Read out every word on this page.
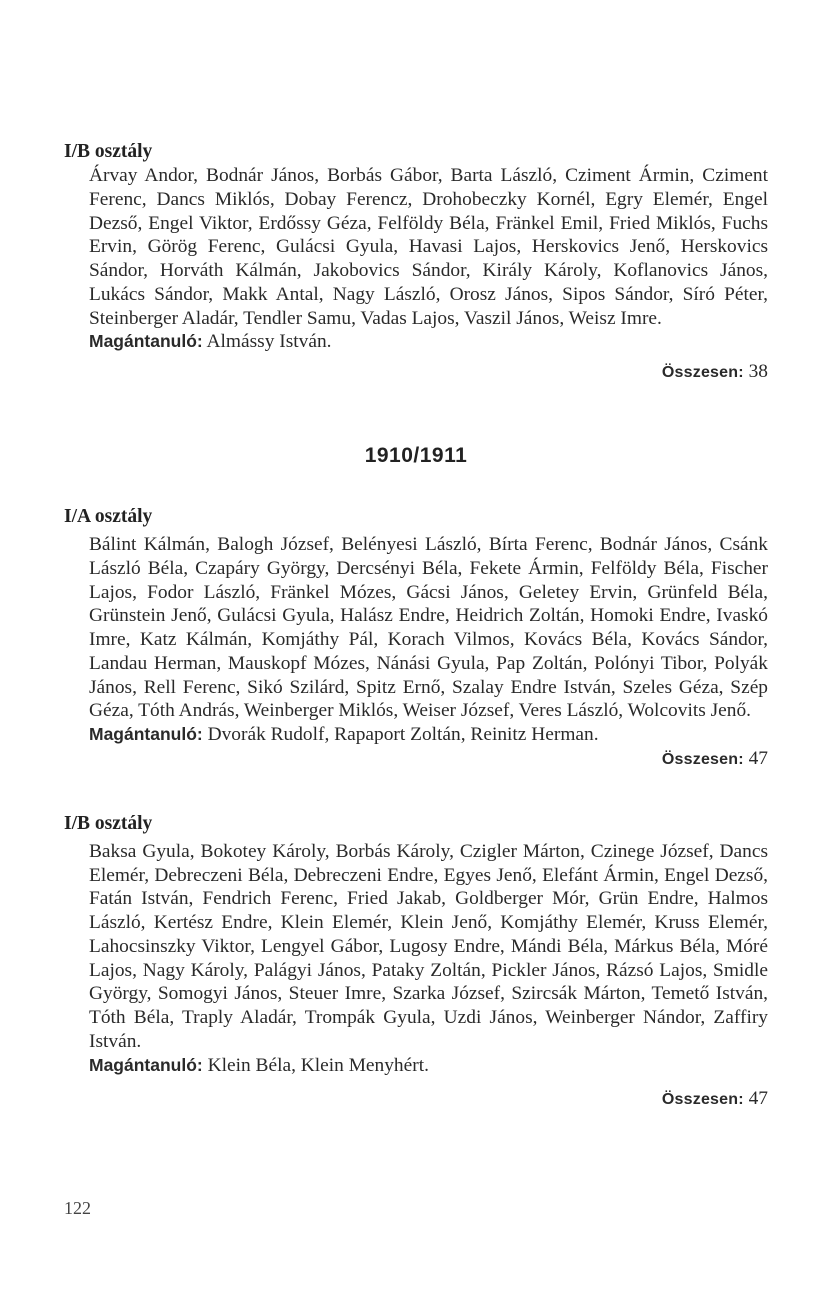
I/B osztály

Árvay Andor, Bodnár János, Borbás Gábor, Barta László, Cziment Ármin, Cziment Ferenc, Dancs Miklós, Dobay Ferencz, Drohobeczky Kornél, Egry Elemér, Engel Dezső, Engel Viktor, Erdőssy Géza, Felföldy Béla, Fränkel Emil, Fried Miklós, Fuchs Ervin, Görög Ferenc, Gulácsi Gyula, Havasi Lajos, Herskovics Jenő, Herskovics Sándor, Horváth Kálmán, Jakobovics Sándor, Király Károly, Koflanovics János, Lukács Sándor, Makk Antal, Nagy László, Orosz János, Sipos Sándor, Síró Péter, Steinberger Aladár, Tendler Samu, Vadas Lajos, Vaszil János, Weisz Imre.

Magántanuló: Almássy István.
Összesen: 38
1910/1911
I/A osztály

Bálint Kálmán, Balogh József, Belényesi László, Bírta Ferenc, Bodnár János, Csánk László Béla, Czapáry György, Dercsényi Béla, Fekete Ármin, Felföldy Béla, Fischer Lajos, Fodor László, Fränkel Mózes, Gácsi János, Geletey Ervin, Grünfeld Béla, Grünstein Jenő, Gulácsi Gyula, Halász Endre, Heidrich Zoltán, Homoki Endre, Ivaskó Imre, Katz Kálmán, Komjáthy Pál, Korach Vilmos, Kovács Béla, Kovács Sándor, Landau Herman, Mauskopf Mózes, Nánási Gyula, Pap Zoltán, Polónyi Tibor, Polyák János, Rell Ferenc, Sikó Szilárd, Spitz Ernő, Szalay Endre István, Szeles Géza, Szép Géza, Tóth András, Weinberger Miklós, Weiser József, Veres László, Wolcovits Jenő.

Magántanuló: Dvorák Rudolf, Rapaport Zoltán, Reinitz Herman.
Összesen: 47
I/B osztály

Baksa Gyula, Bokotey Károly, Borbás Károly, Czigler Márton, Czinege József, Dancs Elemér, Debreczeni Béla, Debreczeni Endre, Egyes Jenő, Elefánt Ármin, Engel Dezső, Fatán István, Fendrich Ferenc, Fried Jakab, Goldberger Mór, Grün Endre, Halmos László, Kertész Endre, Klein Elemér, Klein Jenő, Komjáthy Elemér, Kruss Elemér, Lahocsinszky Viktor, Lengyel Gábor, Lugosy Endre, Mándi Béla, Márkus Béla, Móré Lajos, Nagy Károly, Palágyi János, Pataky Zoltán, Pickler János, Rázsó Lajos, Smidle György, Somogyi János, Steuer Imre, Szarka József, Szircsák Márton, Temető István, Tóth Béla, Traply Aladár, Trompák Gyula, Uzdi János, Weinberger Nándor, Zaffiry István.

Magántanuló: Klein Béla, Klein Menyhért.
Összesen: 47
122
